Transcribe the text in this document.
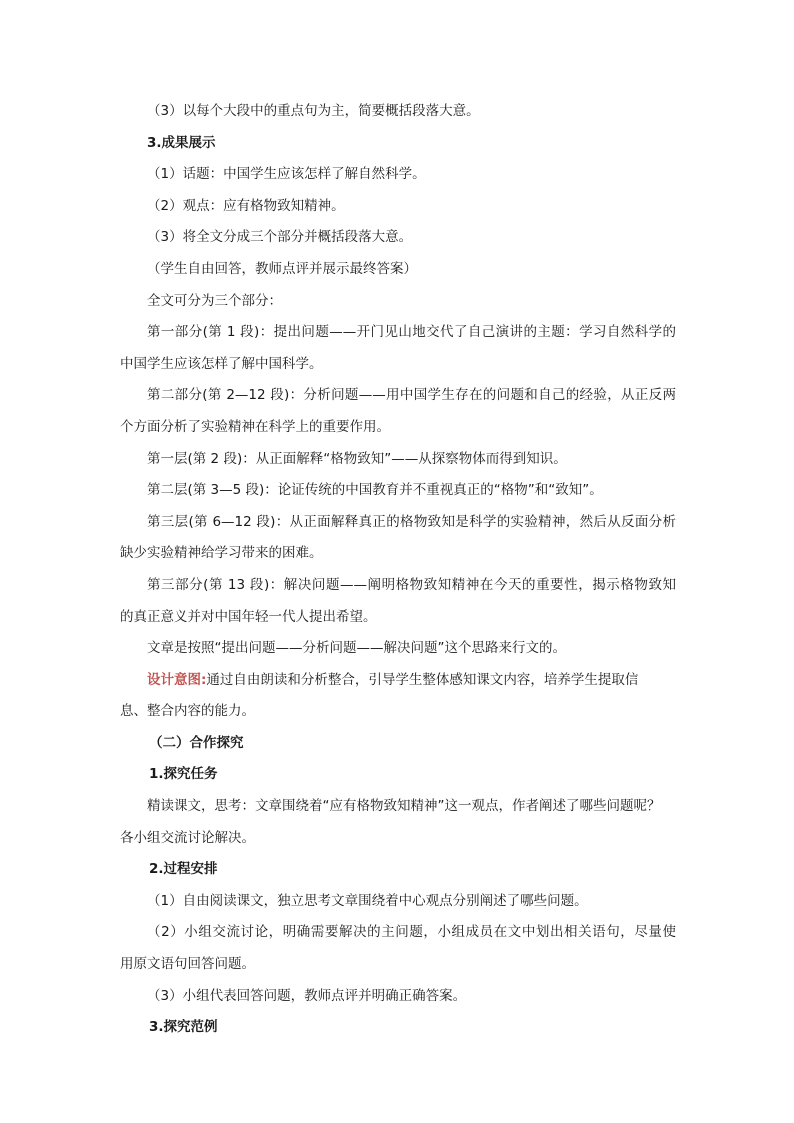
（3）以每个大段中的重点句为主，简要概括段落大意。
3.成果展示
（1）话题：中国学生应该怎样了解自然科学。
（2）观点：应有格物致知精神。
（3）将全文分成三个部分并概括段落大意。
（学生自由回答，教师点评并展示最终答案）
全文可分为三个部分：
第一部分(第 1 段)：提出问题——开门见山地交代了自己演讲的主题：学习自然科学的
中国学生应该怎样了解中国科学。
第二部分(第 2—12 段)：分析问题——用中国学生存在的问题和自己的经验，从正反两
个方面分析了实验精神在科学上的重要作用。
第一层(第 2 段)：从正面解释“格物致知”——从探察物体而得到知识。
第二层(第 3—5 段)：论证传统的中国教育并不重视真正的“格物”和“致知”。
第三层(第 6—12 段)：从正面解释真正的格物致知是科学的实验精神，然后从反面分析
缺少实验精神给学习带来的困难。
第三部分(第 13 段)：解决问题——阐明格物致知精神在今天的重要性，揭示格物致知
的真正意义并对中国年轻一代人提出希望。
文章是按照“提出问题——分析问题——解决问题”这个思路来行文的。
设计意图:通过自由朗读和分析整合，引导学生整体感知课文内容，培养学生提取信
息、整合内容的能力。
（二）合作探究
1.探究任务
精读课文，思考：文章围绕着“应有格物致知精神”这一观点，作者阐述了哪些问题呢？
各小组交流讨论解决。
2.过程安排
（1）自由阅读课文，独立思考文章围绕着中心观点分别阐述了哪些问题。
（2）小组交流讨论，明确需要解决的主问题，小组成员在文中划出相关语句，尽量使
用原文语句回答问题。
（3）小组代表回答问题，教师点评并明确正确答案。
3.探究范例
